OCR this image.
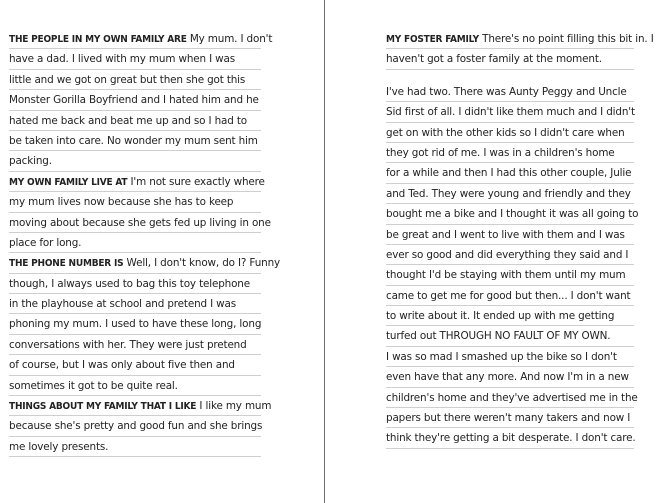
THE PEOPLE IN MY OWN FAMILY ARE My mum. I don't
have a dad. I lived with my mum when I was
little and we got on great but then she got this
Monster Gorilla Boyfriend and I hated him and he
hated me back and beat me up and so I had to
be taken into care. No wonder my mum sent him
packing.
MY OWN FAMILY LIVE AT I'm not sure exactly where
my mum lives now because she has to keep
moving about because she gets fed up living in one
place for long.
THE PHONE NUMBER IS Well, I don't know, do I? Funny
though, I always used to bag this toy telephone
in the playhouse at school and pretend I was
phoning my mum. I used to have these long, long
conversations with her. They were just pretend
of course, but I was only about five then and
sometimes it got to be quite real.
THINGS ABOUT MY FAMILY THAT I LIKE I like my mum
because she's pretty and good fun and she brings
me lovely presents.
MY FOSTER FAMILY There's no point filling this bit in. I
haven't got a foster family at the moment.
I've had two. There was Aunty Peggy and Uncle
Sid first of all. I didn't like them much and I didn't
get on with the other kids so I didn't care when
they got rid of me. I was in a children's home
for a while and then I had this other couple, Julie
and Ted. They were young and friendly and they
bought me a bike and I thought it was all going to
be great and I went to live with them and I was
ever so good and did everything they said and I
thought I'd be staying with them until my mum
came to get me for good but then... I don't want
to write about it. It ended up with me getting
turfed out THROUGH NO FAULT OF MY OWN.
I was so mad I smashed up the bike so I don't
even have that any more. And now I'm in a new
children's home and they've advertised me in the
papers but there weren't many takers and now I
think they're getting a bit desperate. I don't care.
